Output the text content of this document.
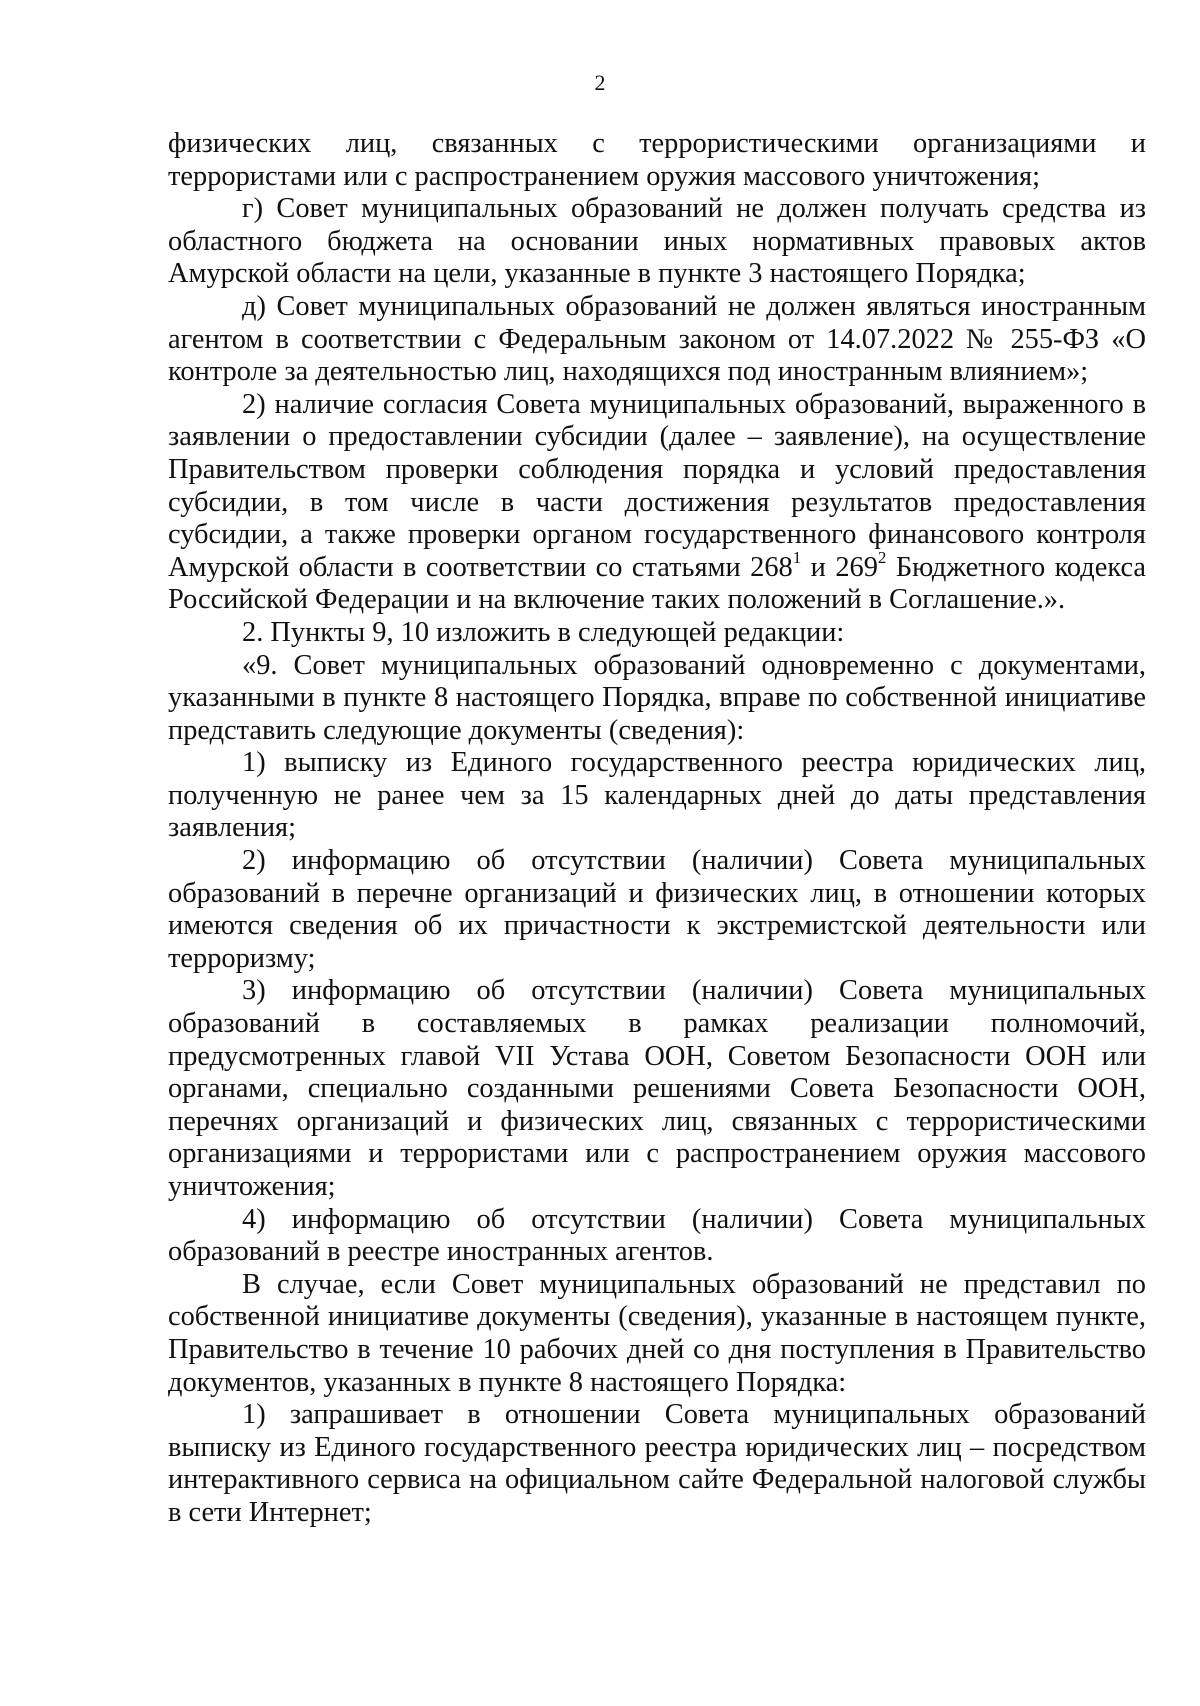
2

физических лиц, связанных с террористическими организациями и террористами или с распространением оружия массового уничтожения;

г) Совет муниципальных образований не должен получать средства из областного бюджета на основании иных нормативных правовых актов Амурской области на цели, указанные в пункте 3 настоящего Порядка;

д) Совет муниципальных образований не должен являться иностранным агентом в соответствии с Федеральным законом от 14.07.2022 № 255-ФЗ «О контроле за деятельностью лиц, находящихся под иностранным влиянием»;

2) наличие согласия Совета муниципальных образований, выраженного в заявлении о предоставлении субсидии (далее – заявление), на осуществление Правительством проверки соблюдения порядка и условий предоставления субсидии, в том числе в части достижения результатов предоставления субсидии, а также проверки органом государственного финансового контроля Амурской области в соответствии со статьями $268^1$ и $269^2$ Бюджетного кодекса Российской Федерации и на включение таких положений в Соглашение.».

2. Пункты 9, 10 изложить в следующей редакции:

«9. Совет муниципальных образований одновременно с документами, указанными в пункте 8 настоящего Порядка, вправе по собственной инициативе представить следующие документы (сведения):

1) выписку из Единого государственного реестра юридических лиц, полученную не ранее чем за 15 календарных дней до даты представления заявления;

2) информацию об отсутствии (наличии) Совета муниципальных образований в перечне организаций и физических лиц, в отношении которых имеются сведения об их причастности к экстремистской деятельности или терроризму;

3) информацию об отсутствии (наличии) Совета муниципальных образований в составляемых в рамках реализации полномочий, предусмотренных главой VII Устава ООН, Советом Безопасности ООН или органами, специально созданными решениями Совета Безопасности ООН, перечнях организаций и физических лиц, связанных с террористическими организациями и террористами или с распространением оружия массового уничтожения;

4) информацию об отсутствии (наличии) Совета муниципальных образований в реестре иностранных агентов.

В случае, если Совет муниципальных образований не представил по собственной инициативе документы (сведения), указанные в настоящем пункте, Правительство в течение 10 рабочих дней со дня поступления в Правительство документов, указанных в пункте 8 настоящего Порядка:

1) запрашивает в отношении Совета муниципальных образований выписку из Единого государственного реестра юридических лиц – посредством интерактивного сервиса на официальном сайте Федеральной налоговой службы в сети Интернет;
